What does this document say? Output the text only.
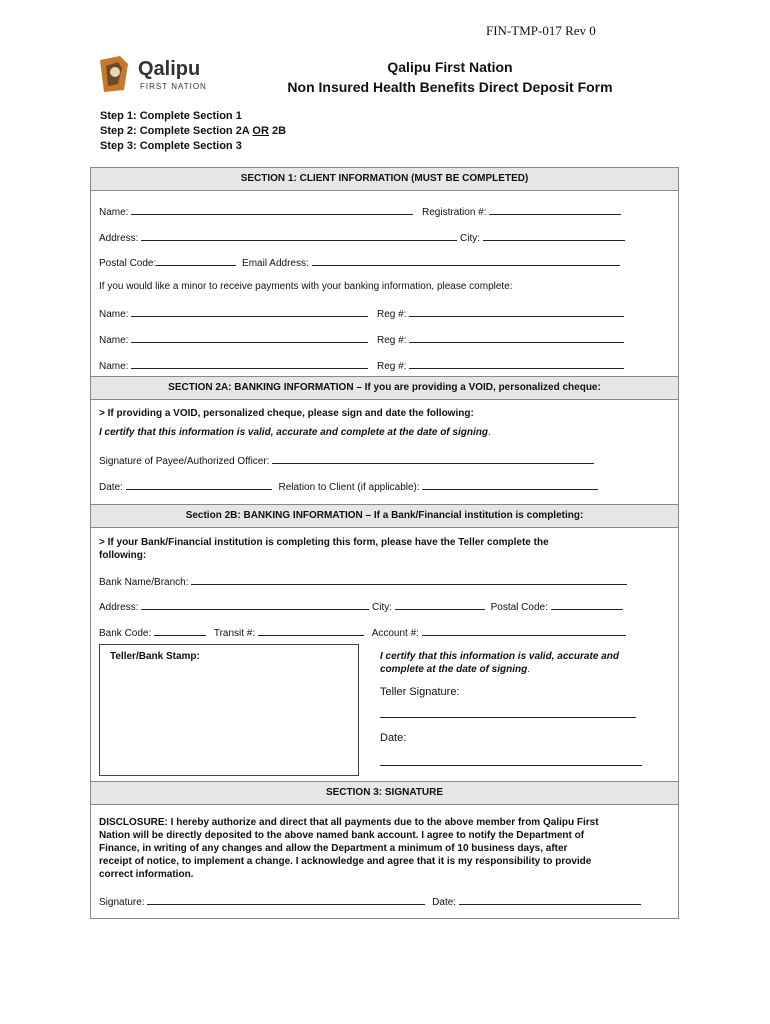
FIN-TMP-017 Rev 0
Qalipu
FIRST NATION
Qalipu First Nation
Non Insured Health Benefits Direct Deposit Form
Step 1: Complete Section 1
Step 2: Complete Section 2A OR 2B
Step 3: Complete Section 3
SECTION 1: CLIENT INFORMATION (MUST BE COMPLETED)
Name:	Registration #:
Address:	City:
Postal Code:	Email Address:
If you would like a minor to receive payments with your banking information, please complete:
Name:	Reg #:
Name:	Reg #:
Name:	Reg #:
SECTION 2A: BANKING INFORMATION – If you are providing a VOID, personalized cheque:
> If providing a VOID, personalized cheque, please sign and date the following:
I certify that this information is valid, accurate and complete at the date of signing.
Signature of Payee/Authorized Officer:
Date:	Relation to Client (if applicable):
Section 2B: BANKING INFORMATION – If a Bank/Financial institution is completing:
> If your Bank/Financial institution is completing this form, please have the Teller complete the
following:
Bank Name/Branch:
Address:	City:	Postal Code:
Bank Code:	Transit #:	Account #:
Teller/Bank Stamp:	I certify that this information is valid, accurate and
complete at the date of signing.
Teller Signature:
Date:
SECTION 3: SIGNATURE
DISCLOSURE: I hereby authorize and direct that all payments due to the above member from Qalipu First
Nation will be directly deposited to the above named bank account. I agree to notify the Department of
Finance, in writing of any changes and allow the Department a minimum of 10 business days, after
receipt of notice, to implement a change. I acknowledge and agree that it is my responsibility to provide
correct information.
Signature:	Date:
